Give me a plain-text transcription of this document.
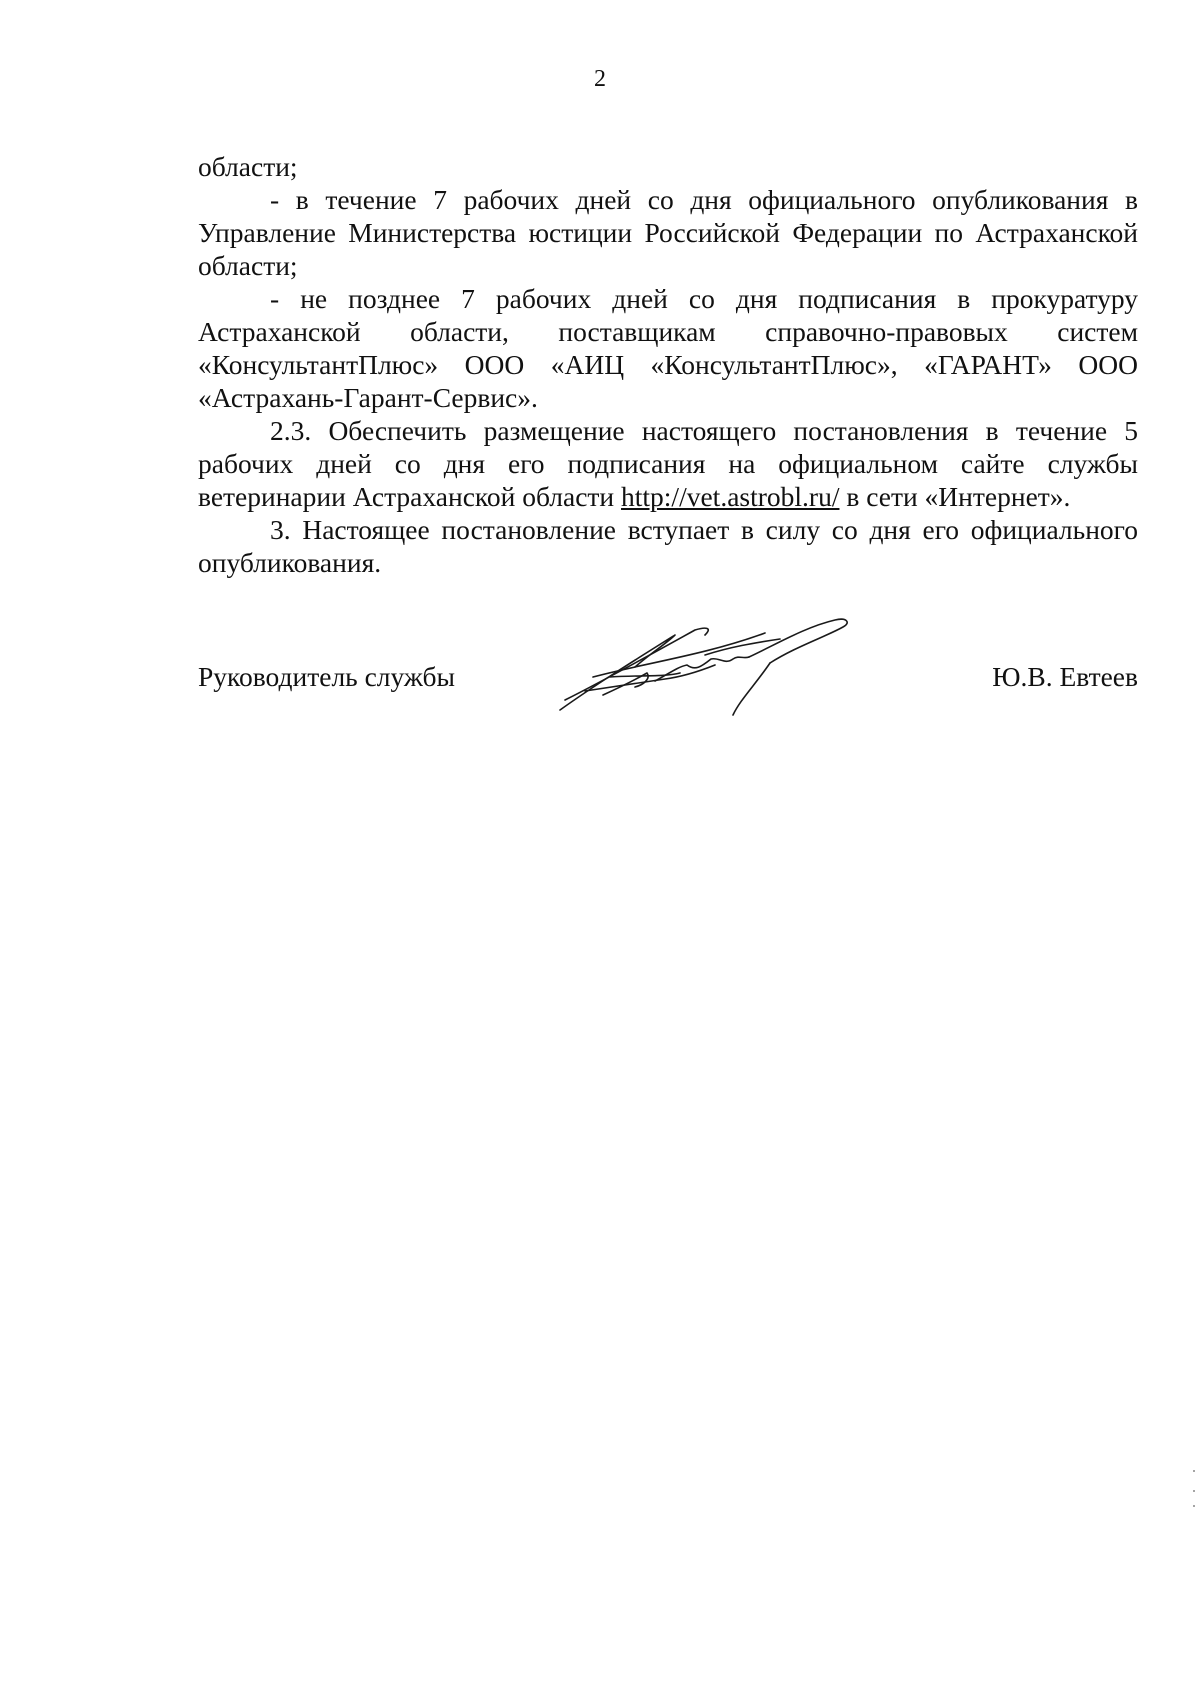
2

области;

- в течение 7 рабочих дней со дня официального опубликования в Управление Министерства юстиции Российской Федерации по Астраханской области;

- не позднее 7 рабочих дней со дня подписания в прокуратуру Астраханской области, поставщикам справочно-правовых систем «КонсультантПлюс» ООО «АИЦ «КонсультантПлюс», «ГАРАНТ» ООО «Астрахань-Гарант-Сервис».

2.3. Обеспечить размещение настоящего постановления в течение 5 рабочих дней со дня его подписания на официальном сайте службы ветеринарии Астраханской области http://vet.astrobl.ru/ в сети «Интернет».

3. Настоящее постановление вступает в силу со дня его официального опубликования.

Руководитель службы	Ю.В. Евтеев
